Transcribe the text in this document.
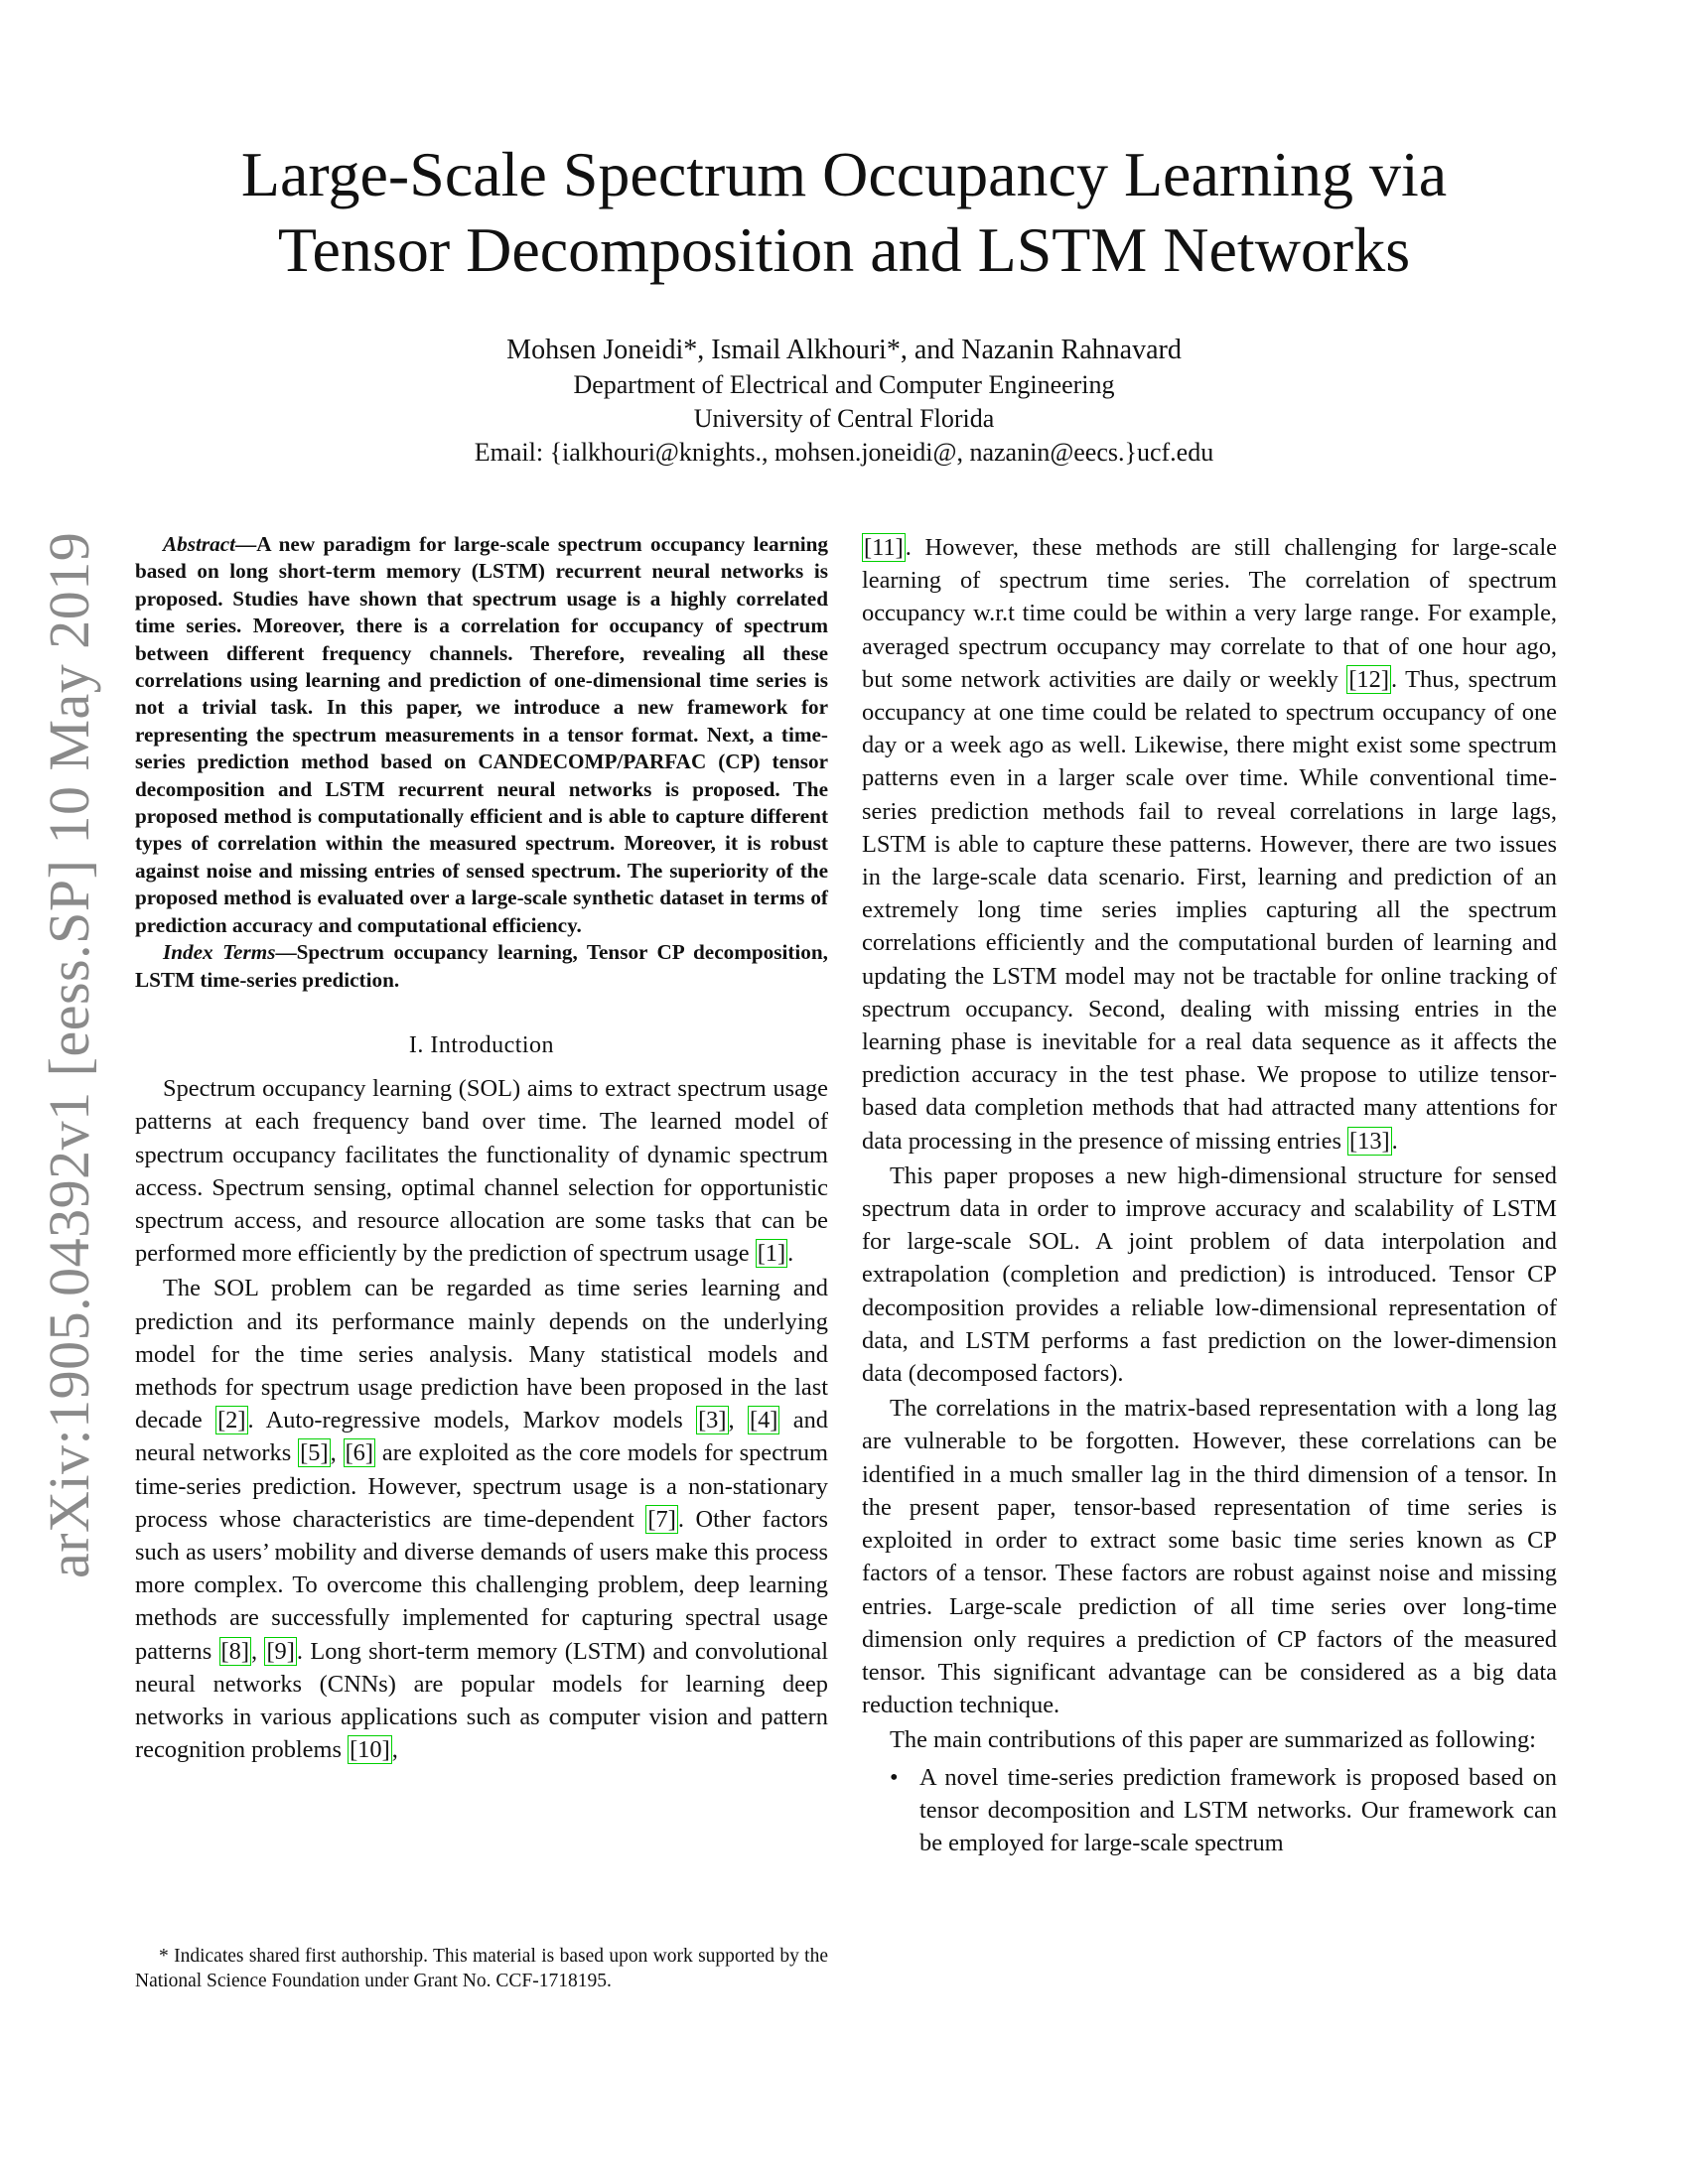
arXiv:1905.04392v1 [eess.SP] 10 May 2019
Large-Scale Spectrum Occupancy Learning via
Tensor Decomposition and LSTM Networks
Mohsen Joneidi*, Ismail Alkhouri*, and Nazanin Rahnavard
Department of Electrical and Computer Engineering
University of Central Florida
Email: {ialkhouri@knights., mohsen.joneidi@, nazanin@eecs.}ucf.edu

Abstract—A new paradigm for large-scale spectrum occupancy learning based on long short-term memory (LSTM) recurrent neural networks is proposed. Studies have shown that spectrum usage is a highly correlated time series. Moreover, there is a correlation for occupancy of spectrum between different frequency channels. Therefore, revealing all these correlations using learning and prediction of one-dimensional time series is not a trivial task. In this paper, we introduce a new framework for representing the spectrum measurements in a tensor format. Next, a time-series prediction method based on CANDECOMP/PARFAC (CP) tensor decomposition and LSTM recurrent neural networks is proposed. The proposed method is computationally efficient and is able to capture different types of correlation within the measured spectrum. Moreover, it is robust against noise and missing entries of sensed spectrum. The superiority of the proposed method is evaluated over a large-scale synthetic dataset in terms of prediction accuracy and computational efficiency.

Index Terms—Spectrum occupancy learning, Tensor CP decomposition, LSTM time-series prediction.

I. Introduction

Spectrum occupancy learning (SOL) aims to extract spectrum usage patterns at each frequency band over time. The learned model of spectrum occupancy facilitates the functionality of dynamic spectrum access. Spectrum sensing, optimal channel selection for opportunistic spectrum access, and resource allocation are some tasks that can be performed more efficiently by the prediction of spectrum usage [1].

The SOL problem can be regarded as time series learning and prediction and its performance mainly depends on the underlying model for the time series analysis. Many statistical models and methods for spectrum usage prediction have been proposed in the last decade [2]. Auto-regressive models, Markov models [3], [4] and neural networks [5], [6] are exploited as the core models for spectrum time-series prediction. However, spectrum usage is a non-stationary process whose characteristics are time-dependent [7]. Other factors such as users’ mobility and diverse demands of users make this process more complex. To overcome this challenging problem, deep learning methods are successfully implemented for capturing spectral usage patterns [8], [9]. Long short-term memory (LSTM) and convolutional neural networks (CNNs) are popular models for learning deep networks in various applications such as computer vision and pattern recognition problems [10],

* Indicates shared first authorship. This material is based upon work supported by the National Science Foundation under Grant No. CCF-1718195.

[11]. However, these methods are still challenging for large-scale learning of spectrum time series. The correlation of spectrum occupancy w.r.t time could be within a very large range. For example, averaged spectrum occupancy may correlate to that of one hour ago, but some network activities are daily or weekly [12]. Thus, spectrum occupancy at one time could be related to spectrum occupancy of one day or a week ago as well. Likewise, there might exist some spectrum patterns even in a larger scale over time. While conventional time-series prediction methods fail to reveal correlations in large lags, LSTM is able to capture these patterns. However, there are two issues in the large-scale data scenario. First, learning and prediction of an extremely long time series implies capturing all the spectrum correlations efficiently and the computational burden of learning and updating the LSTM model may not be tractable for online tracking of spectrum occupancy. Second, dealing with missing entries in the learning phase is inevitable for a real data sequence as it affects the prediction accuracy in the test phase. We propose to utilize tensor-based data completion methods that had attracted many attentions for data processing in the presence of missing entries [13].

This paper proposes a new high-dimensional structure for sensed spectrum data in order to improve accuracy and scalability of LSTM for large-scale SOL. A joint problem of data interpolation and extrapolation (completion and prediction) is introduced. Tensor CP decomposition provides a reliable low-dimensional representation of data, and LSTM performs a fast prediction on the lower-dimension data (decomposed factors).

The correlations in the matrix-based representation with a long lag are vulnerable to be forgotten. However, these correlations can be identified in a much smaller lag in the third dimension of a tensor. In the present paper, tensor-based representation of time series is exploited in order to extract some basic time series known as CP factors of a tensor. These factors are robust against noise and missing entries. Large-scale prediction of all time series over long-time dimension only requires a prediction of CP factors of the measured tensor. This significant advantage can be considered as a big data reduction technique.

The main contributions of this paper are summarized as following:

• A novel time-series prediction framework is proposed based on tensor decomposition and LSTM networks. Our framework can be employed for large-scale spectrum
